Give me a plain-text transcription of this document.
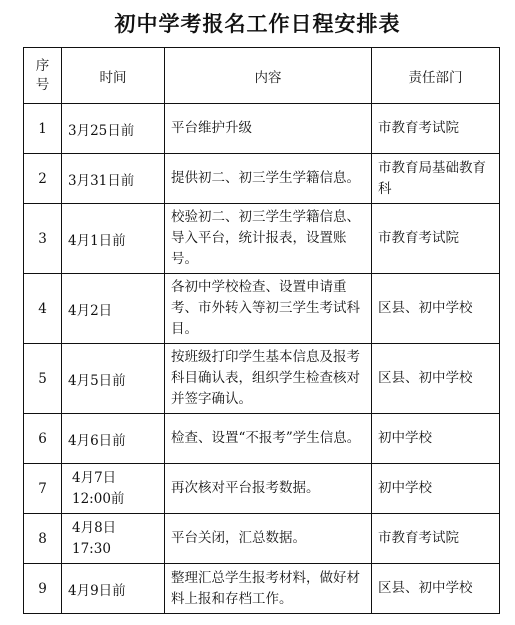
初中学考报名工作日程安排表
序号	时间	内容	责任部门
1	3月25日前	平台维护升级	市教育考试院
2	3月31日前	提供初二、初三学生学籍信息。	市教育局基础教育科
3	4月1日前	校验初二、初三学生学籍信息、导入平台，统计报表，设置账号。	市教育考试院
4	4月2日	各初中学校检查、设置申请重考、市外转入等初三学生考试科目。	区县、初中学校
5	4月5日前	按班级打印学生基本信息及报考科目确认表，组织学生检查核对并签字确认。	区县、初中学校
6	4月6日前	检查、设置“不报考”学生信息。	初中学校
7	4月7日12:00前	再次核对平台报考数据。	初中学校
8	4月8日17:30	平台关闭，汇总数据。	市教育考试院
9	4月9日前	整理汇总学生报考材料，做好材料上报和存档工作。	区县、初中学校
